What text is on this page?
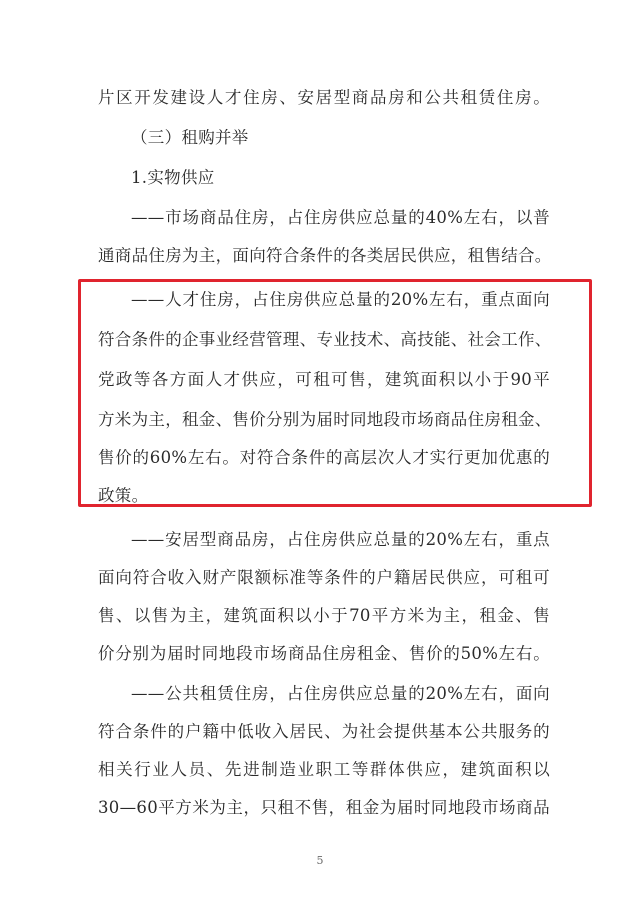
片区开发建设人才住房、安居型商品房和公共租赁住房。
（三）租购并举
1.实物供应
——市场商品住房，占住房供应总量的40%左右，以普
通商品住房为主，面向符合条件的各类居民供应，租售结合。
——人才住房，占住房供应总量的20%左右，重点面向
符合条件的企事业经营管理、专业技术、高技能、社会工作、
党政等各方面人才供应，可租可售，建筑面积以小于90平
方米为主，租金、售价分别为届时同地段市场商品住房租金、
售价的60%左右。对符合条件的高层次人才实行更加优惠的
政策。
——安居型商品房，占住房供应总量的20%左右，重点
面向符合收入财产限额标准等条件的户籍居民供应，可租可
售、以售为主，建筑面积以小于70平方米为主，租金、售
价分别为届时同地段市场商品住房租金、售价的50%左右。
——公共租赁住房，占住房供应总量的20%左右，面向
符合条件的户籍中低收入居民、为社会提供基本公共服务的
相关行业人员、先进制造业职工等群体供应，建筑面积以
30—60平方米为主，只租不售，租金为届时同地段市场商品
5
